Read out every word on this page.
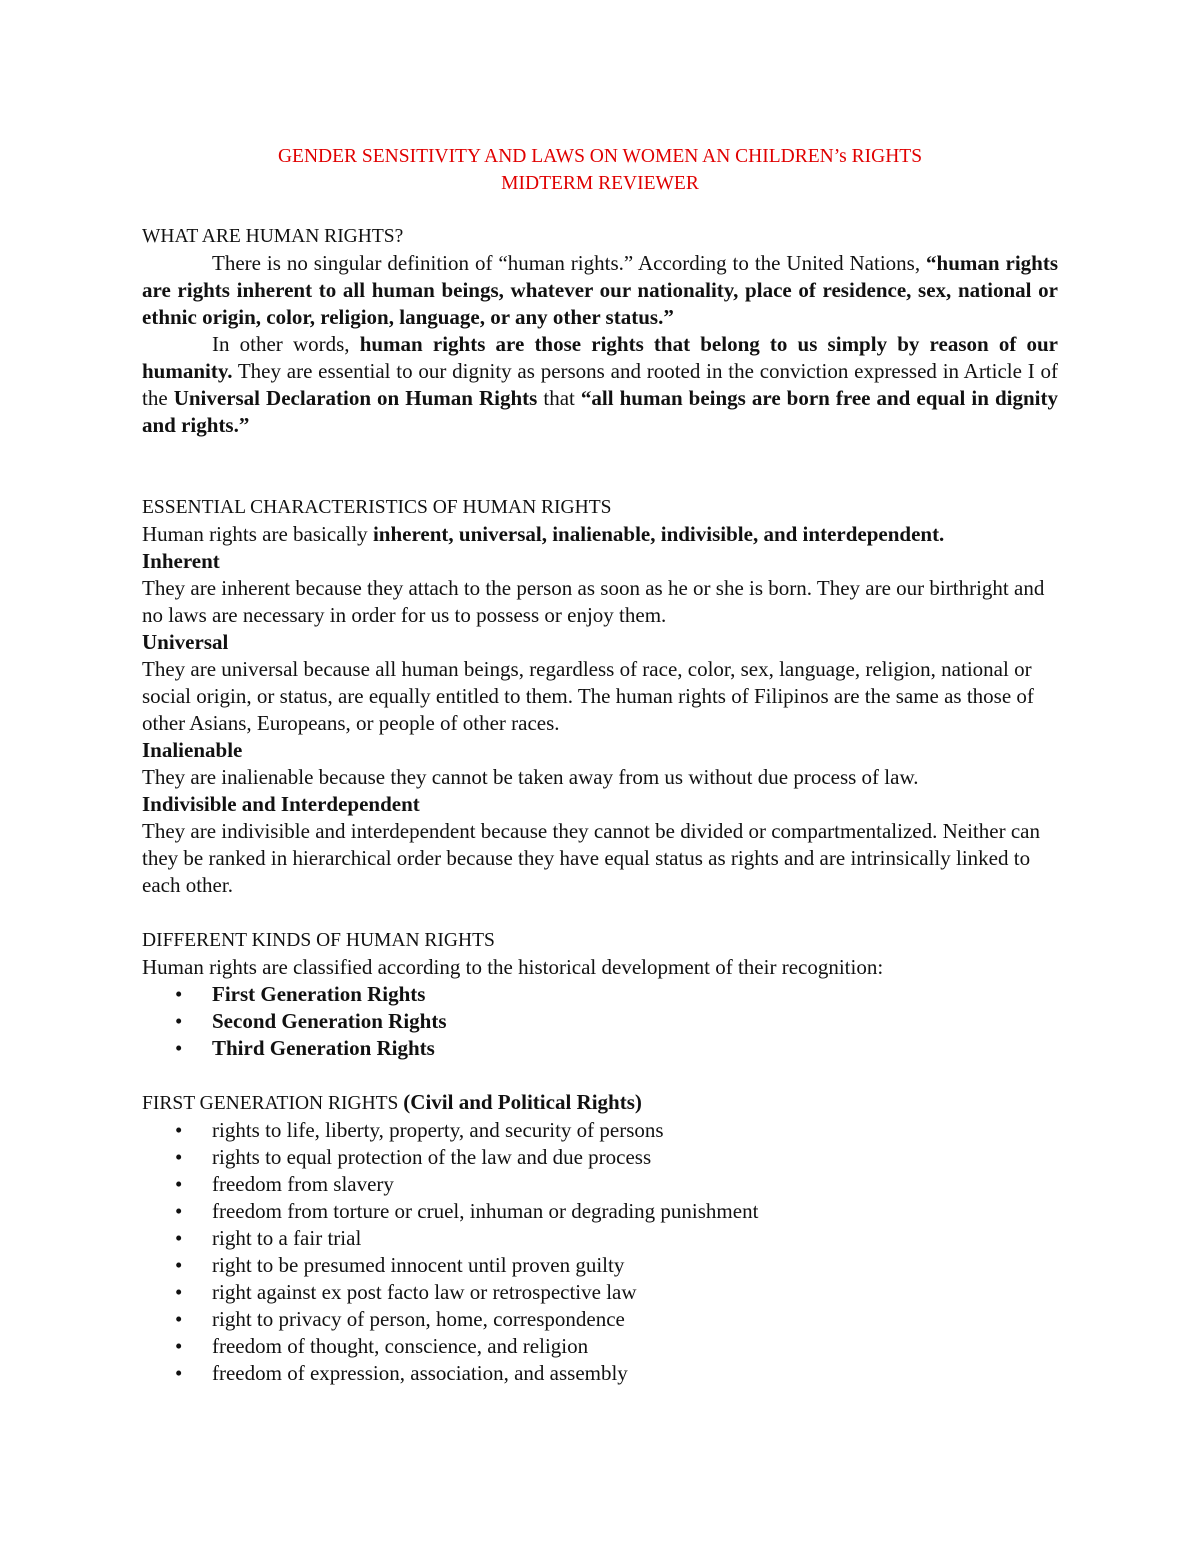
GENDER SENSITIVITY AND LAWS ON WOMEN AN CHILDREN’s RIGHTS
MIDTERM REVIEWER
WHAT ARE HUMAN RIGHTS?

There is no singular definition of “human rights.” According to the United Nations, “human rights are rights inherent to all human beings, whatever our nationality, place of residence, sex, national or ethnic origin, color, religion, language, or any other status.”

In other words, human rights are those rights that belong to us simply by reason of our humanity. They are essential to our dignity as persons and rooted in the conviction expressed in Article I of the Universal Declaration on Human Rights that “all human beings are born free and equal in dignity and rights.”

ESSENTIAL CHARACTERISTICS OF HUMAN RIGHTS
Human rights are basically inherent, universal, inalienable, indivisible, and interdependent.
Inherent
They are inherent because they attach to the person as soon as he or she is born. They are our birthright and no laws are necessary in order for us to possess or enjoy them.
Universal
They are universal because all human beings, regardless of race, color, sex, language, religion, national or social origin, or status, are equally entitled to them. The human rights of Filipinos are the same as those of other Asians, Europeans, or people of other races.
Inalienable
They are inalienable because they cannot be taken away from us without due process of law.
Indivisible and Interdependent
They are indivisible and interdependent because they cannot be divided or compartmentalized. Neither can they be ranked in hierarchical order because they have equal status as rights and are intrinsically linked to each other.
DIFFERENT KINDS OF HUMAN RIGHTS
Human rights are classified according to the historical development of their recognition:
• First Generation Rights
• Second Generation Rights
• Third Generation Rights
FIRST GENERATION RIGHTS (Civil and Political Rights)
• rights to life, liberty, property, and security of persons
• rights to equal protection of the law and due process
• freedom from slavery
• freedom from torture or cruel, inhuman or degrading punishment
• right to a fair trial
• right to be presumed innocent until proven guilty
• right against ex post facto law or retrospective law
• right to privacy of person, home, correspondence
• freedom of thought, conscience, and religion
• freedom of expression, association, and assembly
